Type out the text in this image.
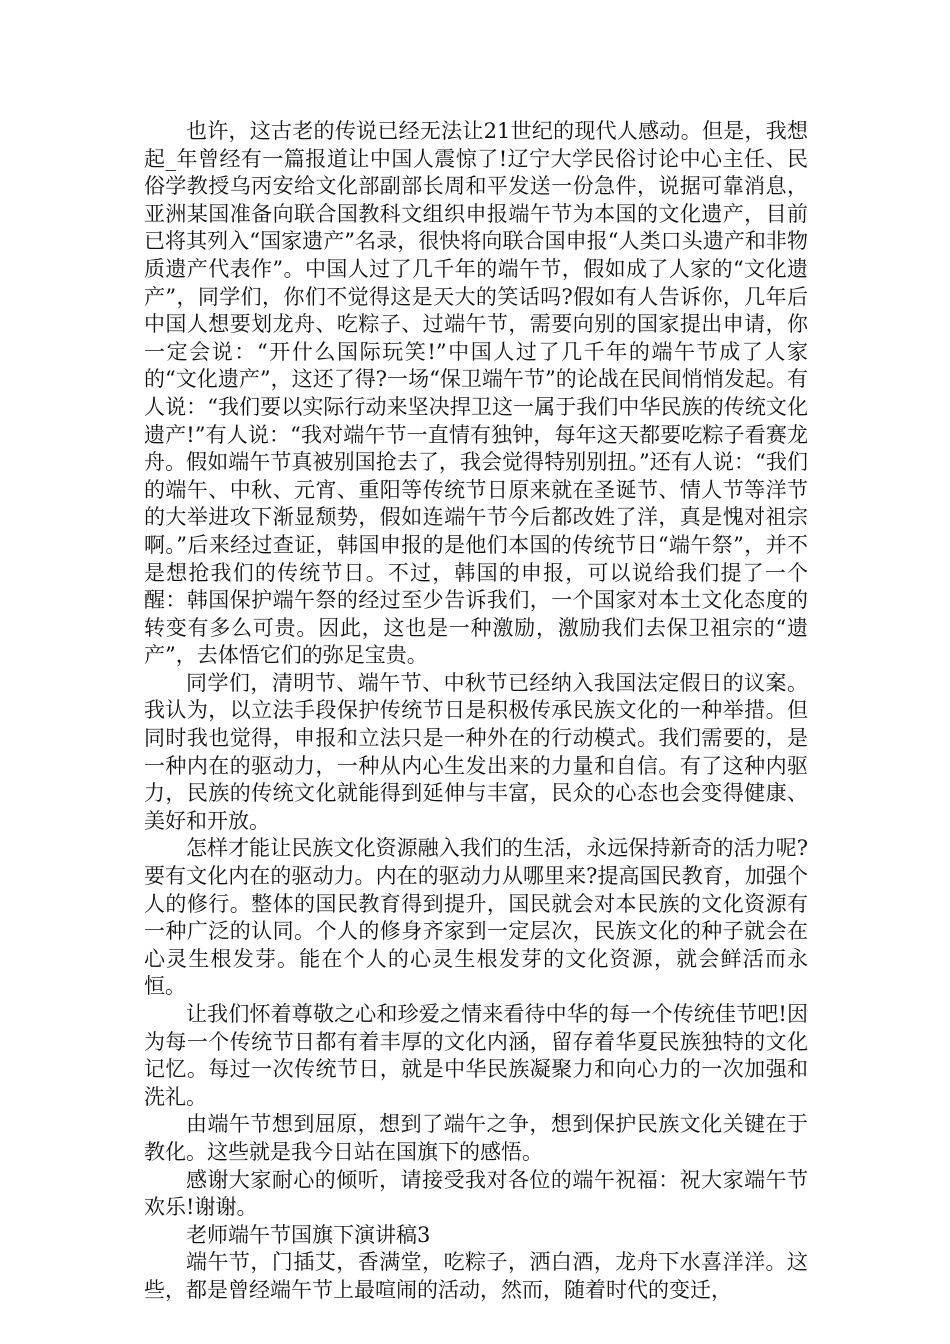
也许，这古老的传说已经无法让21世纪的现代人感动。但是，我想起_年曾经有一篇报道让中国人震惊了!辽宁大学民俗讨论中心主任、民俗学教授乌丙安给文化部副部长周和平发送一份急件，说据可靠消息，亚洲某国准备向联合国教科文组织申报端午节为本国的文化遗产，目前已将其列入“国家遗产”名录，很快将向联合国申报“人类口头遗产和非物质遗产代表作”。中国人过了几千年的端午节，假如成了人家的“文化遗产”，同学们，你们不觉得这是天大的笑话吗?假如有人告诉你，几年后中国人想要划龙舟、吃粽子、过端午节，需要向别的国家提出申请，你一定会说：“开什么国际玩笑!”中国人过了几千年的端午节成了人家的“文化遗产”，这还了得?一场“保卫端午节”的论战在民间悄悄发起。有人说：“我们要以实际行动来坚决捍卫这一属于我们中华民族的传统文化遗产!”有人说：“我对端午节一直情有独钟，每年这天都要吃粽子看赛龙舟。假如端午节真被别国抢去了，我会觉得特别别扭。”还有人说：“我们的端午、中秋、元宵、重阳等传统节日原来就在圣诞节、情人节等洋节的大举进攻下渐显颓势，假如连端午节今后都改姓了洋，真是愧对祖宗啊。”后来经过查证，韩国申报的是他们本国的传统节日“端午祭”，并不是想抢我们的传统节日。不过，韩国的申报，可以说给我们提了一个醒：韩国保护端午祭的经过至少告诉我们，一个国家对本土文化态度的转变有多么可贵。因此，这也是一种激励，激励我们去保卫祖宗的“遗产”，去体悟它们的弥足宝贵。

同学们，清明节、端午节、中秋节已经纳入我国法定假日的议案。我认为，以立法手段保护传统节日是积极传承民族文化的一种举措。但同时我也觉得，申报和立法只是一种外在的行动模式。我们需要的，是一种内在的驱动力，一种从内心生发出来的力量和自信。有了这种内驱力，民族的传统文化就能得到延伸与丰富，民众的心态也会变得健康、美好和开放。

怎样才能让民族文化资源融入我们的生活，永远保持新奇的活力呢?要有文化内在的驱动力。内在的驱动力从哪里来?提高国民教育，加强个人的修行。整体的国民教育得到提升，国民就会对本民族的文化资源有一种广泛的认同。个人的修身齐家到一定层次，民族文化的种子就会在心灵生根发芽。能在个人的心灵生根发芽的文化资源，就会鲜活而永恒。

让我们怀着尊敬之心和珍爱之情来看待中华的每一个传统佳节吧!因为每一个传统节日都有着丰厚的文化内涵，留存着华夏民族独特的文化记忆。每过一次传统节日，就是中华民族凝聚力和向心力的一次加强和洗礼。

由端午节想到屈原，想到了端午之争，想到保护民族文化关键在于教化。这些就是我今日站在国旗下的感悟。

感谢大家耐心的倾听，请接受我对各位的端午祝福：祝大家端午节欢乐!谢谢。

老师端午节国旗下演讲稿3

端午节，门插艾，香满堂，吃粽子，洒白酒，龙舟下水喜洋洋。这些，都是曾经端午节上最喧闹的活动，然而，随着时代的变迁，
